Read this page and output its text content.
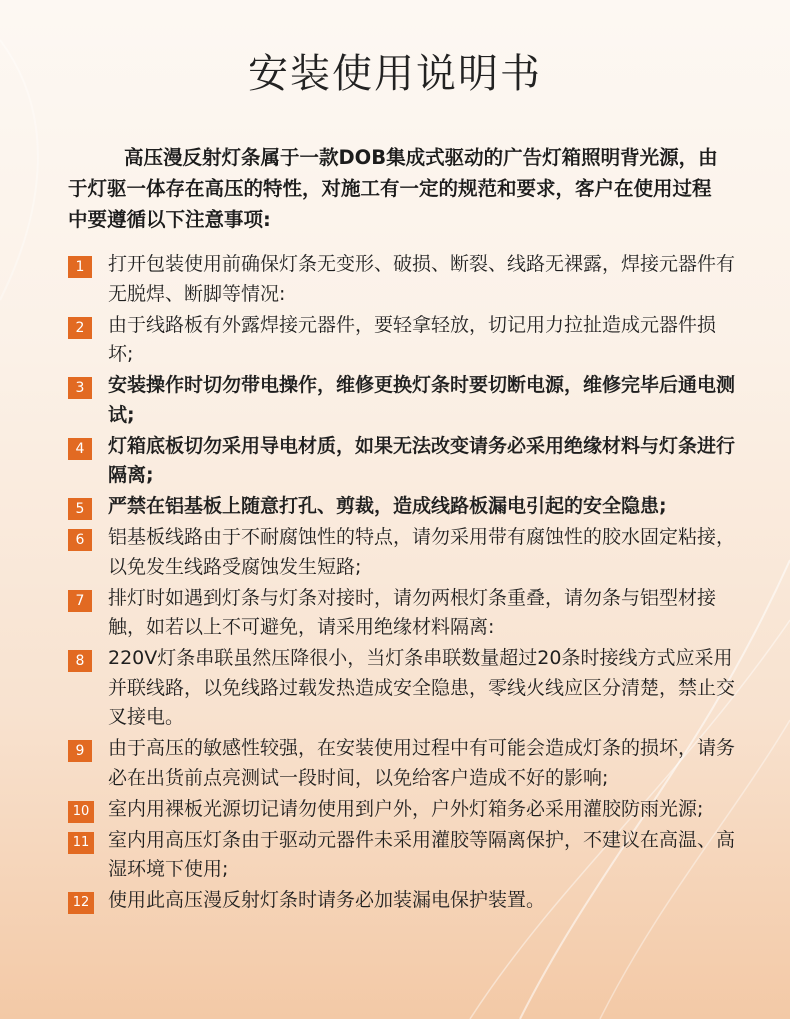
安装使用说明书
高压漫反射灯条属于一款DOB集成式驱动的广告灯箱照明背光源，由于灯驱一体存在高压的特性，对施工有一定的规范和要求，客户在使用过程中要遵循以下注意事项:
1	打开包装使用前确保灯条无变形、破损、断裂、线路无裸露，焊接元器件有无脱焊、断脚等情况:
2	由于线路板有外露焊接元器件，要轻拿轻放，切记用力拉扯造成元器件损坏;
3	安装操作时切勿带电操作，维修更换灯条时要切断电源，维修完毕后通电测试;
4	灯箱底板切勿采用导电材质，如果无法改变请务必采用绝缘材料与灯条进行隔离;
5	严禁在铝基板上随意打孔、剪裁，造成线路板漏电引起的安全隐患;
6	铝基板线路由于不耐腐蚀性的特点，请勿采用带有腐蚀性的胶水固定粘接，以免发生线路受腐蚀发生短路;
7	排灯时如遇到灯条与灯条对接时，请勿两根灯条重叠，请勿条与铝型材接触，如若以上不可避免，请采用绝缘材料隔离:
8	220V灯条串联虽然压降很小，当灯条串联数量超过20条时接线方式应采用并联线路，以免线路过载发热造成安全隐患，零线火线应区分清楚，禁止交叉接电。
9	由于高压的敏感性较强，在安装使用过程中有可能会造成灯条的损坏，请务必在出货前点亮测试一段时间，以免给客户造成不好的影响;
10 室内用裸板光源切记请勿使用到户外，户外灯箱务必采用灌胶防雨光源;
11 室内用高压灯条由于驱动元器件未采用灌胶等隔离保护，不建议在高温、高湿环境下使用;
12 使用此高压漫反射灯条时请务必加装漏电保护装置。
